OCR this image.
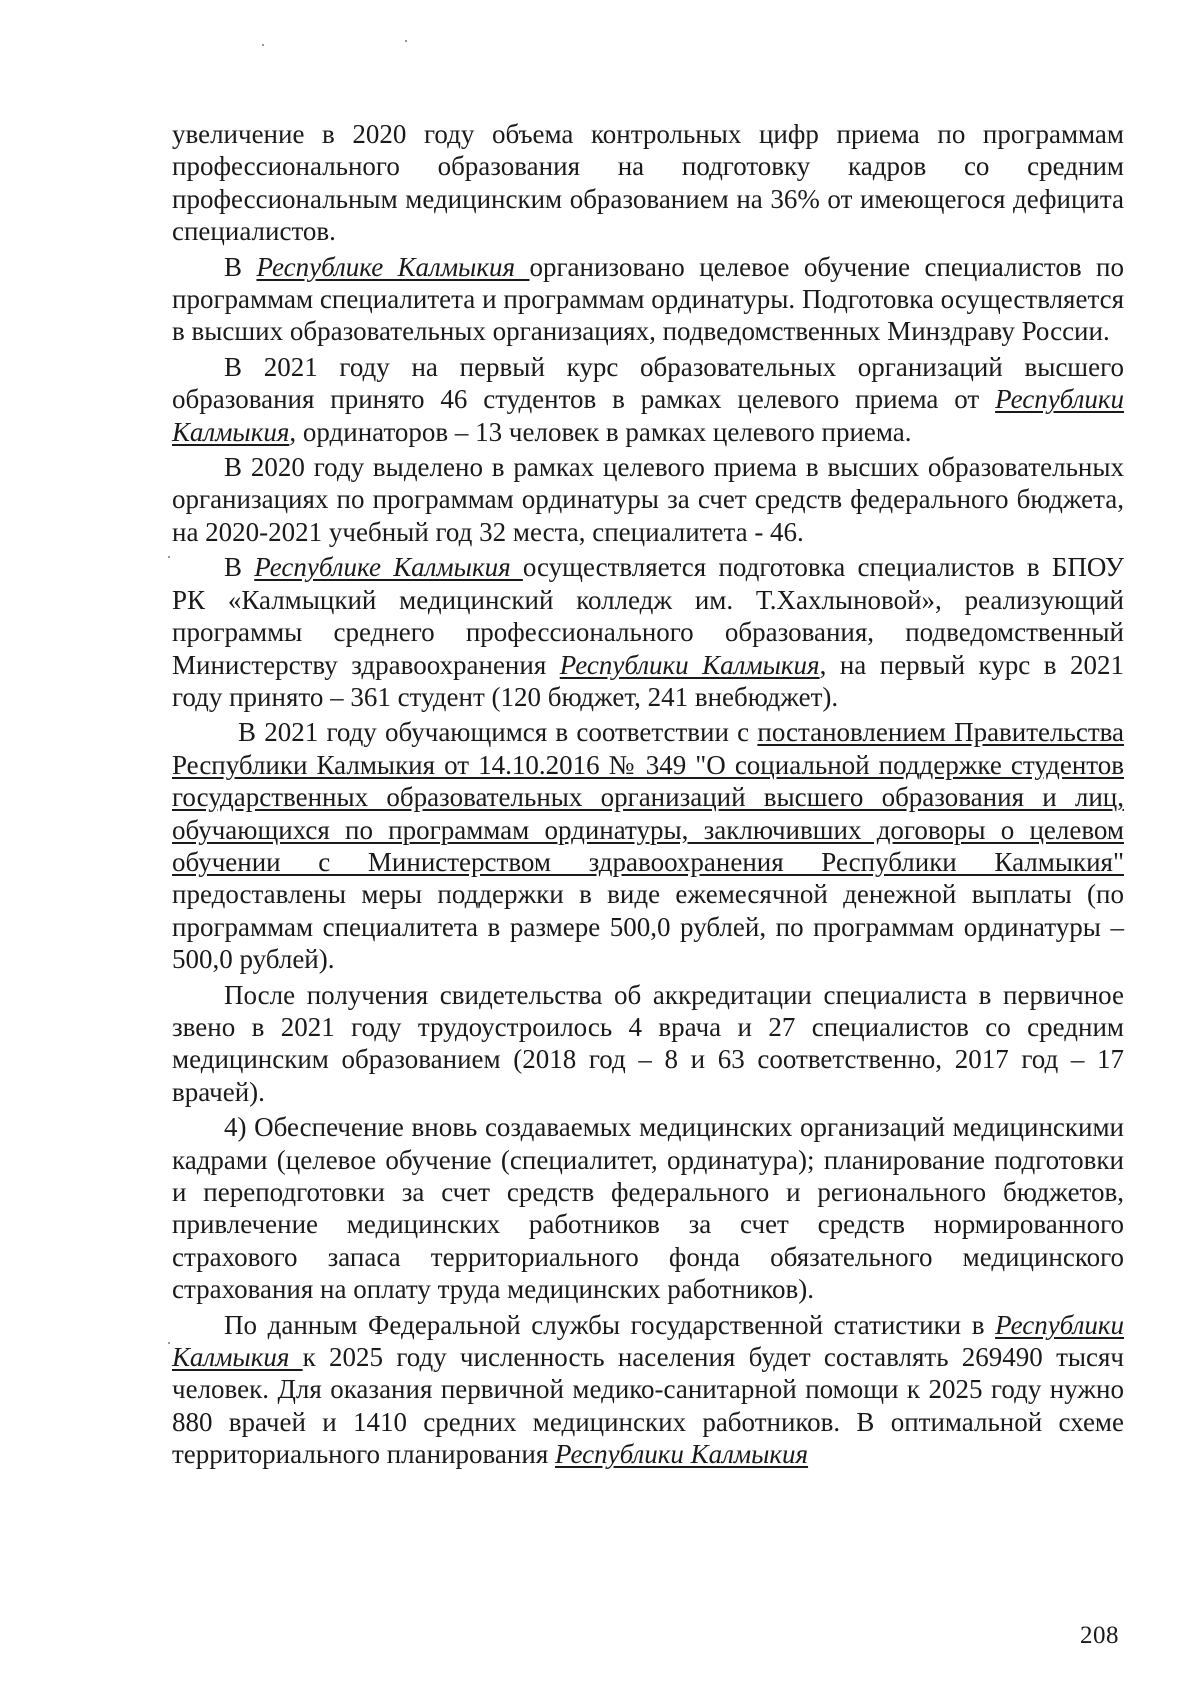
увеличение в 2020 году объема контрольных цифр приема по программам профессионального образования на подготовку кадров со средним профессиональным медицинским образованием на 36% от имеющегося дефицита специалистов.

В Республике Калмыкия организовано целевое обучение специалистов по программам специалитета и программам ординатуры. Подготовка осуществляется в высших образовательных организациях, подведомственных Минздраву России.

В 2021 году на первый курс образовательных организаций высшего образования принято 46 студентов в рамках целевого приема от Республики Калмыкия, ординаторов – 13 человек в рамках целевого приема.

В 2020 году выделено в рамках целевого приема в высших образовательных организациях по программам ординатуры за счет средств федерального бюджета, на 2020-2021 учебный год 32 места, специалитета - 46.

В Республике Калмыкия осуществляется подготовка специалистов в БПОУ РК «Калмыцкий медицинский колледж им. Т.Хахлыновой», реализующий программы среднего профессионального образования, подведомственный Министерству здравоохранения Республики Калмыкия, на первый курс в 2021 году принято – 361 студент (120 бюджет, 241 внебюджет).

В 2021 году обучающимся в соответствии с постановлением Правительства Республики Калмыкия от 14.10.2016 № 349 "О социальной поддержке студентов государственных образовательных организаций высшего образования и лиц, обучающихся по программам ординатуры, заключивших договоры о целевом обучении с Министерством здравоохранения Республики Калмыкия" предоставлены меры поддержки в виде ежемесячной денежной выплаты (по программам специалитета в размере 500,0 рублей, по программам ординатуры – 500,0 рублей).

После получения свидетельства об аккредитации специалиста в первичное звено в 2021 году трудоустроилось 4 врача и 27 специалистов со средним медицинским образованием (2018 год – 8 и 63 соответственно, 2017 год – 17 врачей).

4) Обеспечение вновь создаваемых медицинских организаций медицинскими кадрами (целевое обучение (специалитет, ординатура); планирование подготовки и переподготовки за счет средств федерального и регионального бюджетов, привлечение медицинских работников за счет средств нормированного страхового запаса территориального фонда обязательного медицинского страхования на оплату труда медицинских работников).

По данным Федеральной службы государственной статистики в Республики Калмыкия к 2025 году численность населения будет составлять 269490 тысяч человек. Для оказания первичной медико-санитарной помощи к 2025 году нужно 880 врачей и 1410 средних медицинских работников. В оптимальной схеме территориального планирования Республики Калмыкия

208
